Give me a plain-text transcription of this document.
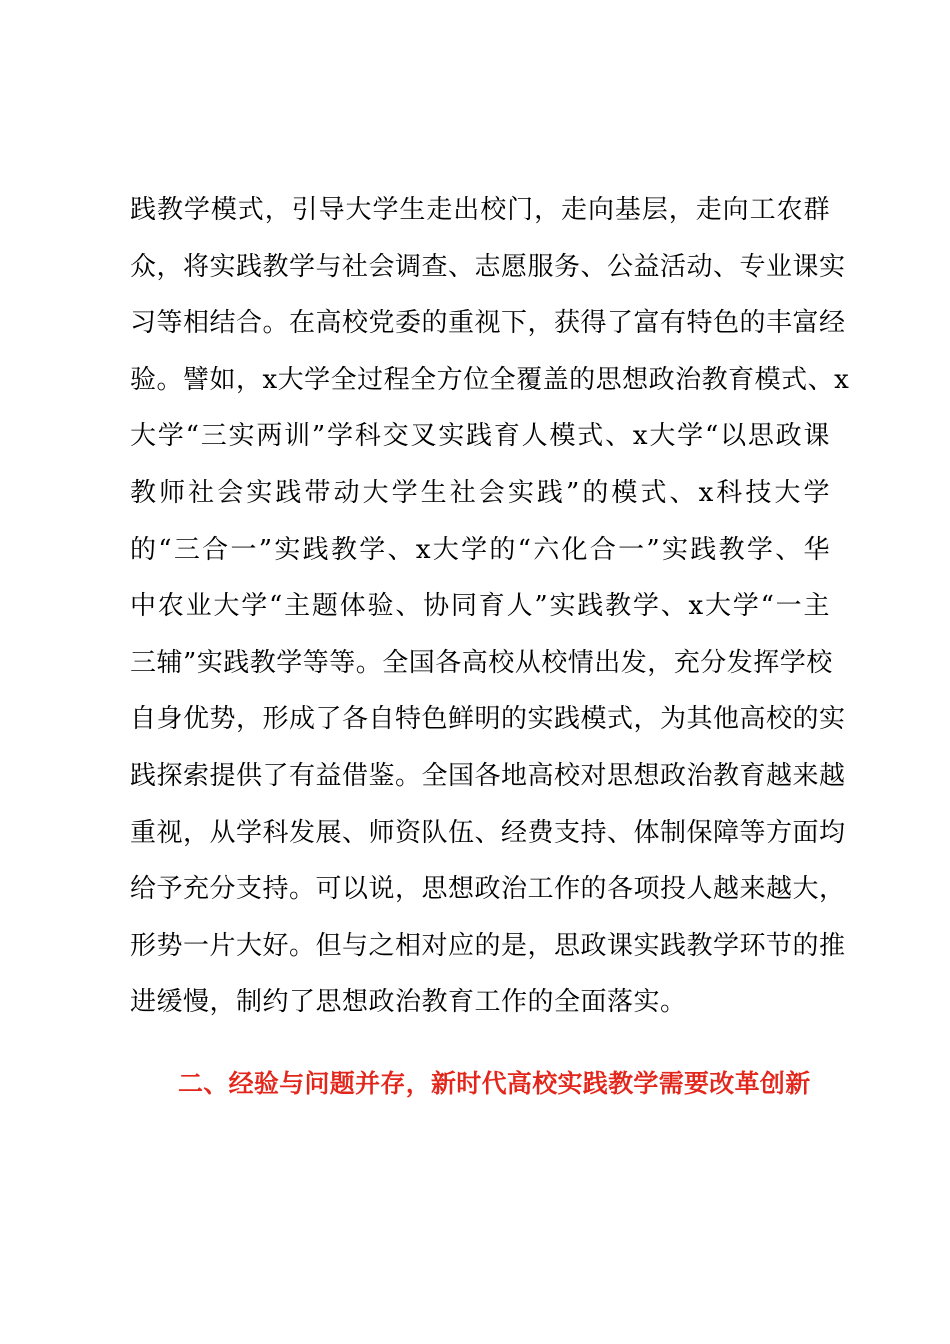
践教学模式，引导大学生走出校门，走向基层，走向工农群
众，将实践教学与社会调查、志愿服务、公益活动、专业课实
习等相结合。在高校党委的重视下，获得了富有特色的丰富经
验。譬如，x大学全过程全方位全覆盖的思想政治教育模式、x
大学“三实两训”学科交叉实践育人模式、x大学“以思政课
教师社会实践带动大学生社会实践”的模式、x科技大学
的“三合一”实践教学、x大学的“六化合一”实践教学、华
中农业大学“主题体验、协同育人”实践教学、x大学“一主
三辅”实践教学等等。全国各高校从校情出发，充分发挥学校
自身优势，形成了各自特色鲜明的实践模式，为其他高校的实
践探索提供了有益借鉴。全国各地高校对思想政治教育越来越
重视，从学科发展、师资队伍、经费支持、体制保障等方面均
给予充分支持。可以说，思想政治工作的各项投人越来越大，
形势一片大好。但与之相对应的是，思政课实践教学环节的推
进缓慢，制约了思想政治教育工作的全面落实。
二、经验与问题并存，新时代高校实践教学需要改革创新
